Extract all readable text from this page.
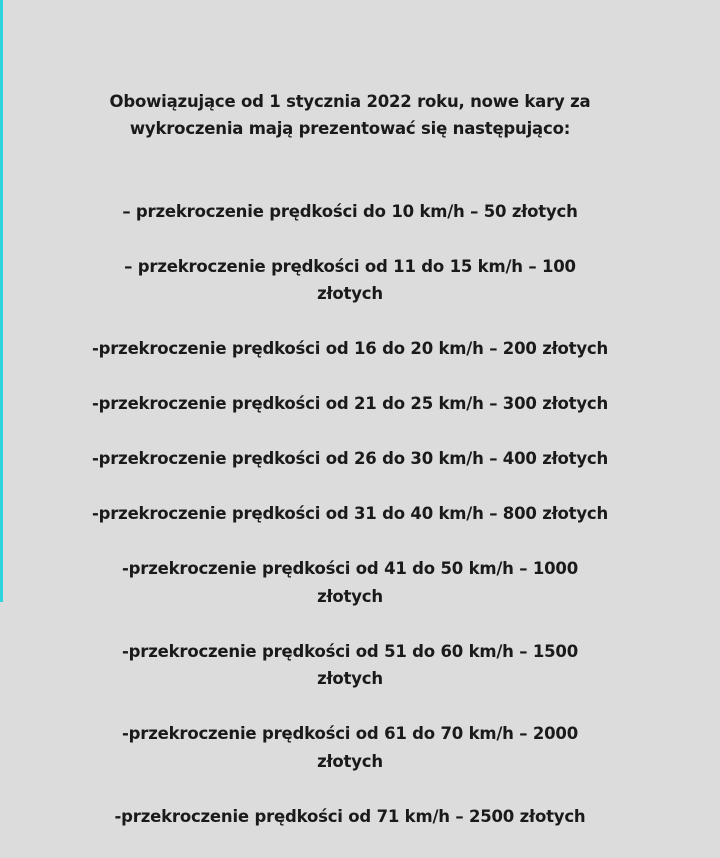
Obowiązujące od 1 stycznia 2022 roku, nowe kary za
wykroczenia mają prezentować się następująco:

– przekroczenie prędkości do 10 km/h – 50 złotych

– przekroczenie prędkości od 11 do 15 km/h – 100
złotych

-przekroczenie prędkości od 16 do 20 km/h – 200 złotych

-przekroczenie prędkości od 21 do 25 km/h – 300 złotych

-przekroczenie prędkości od 26 do 30 km/h – 400 złotych

-przekroczenie prędkości od 31 do 40 km/h – 800 złotych

-przekroczenie prędkości od 41 do 50 km/h – 1000
złotych

-przekroczenie prędkości od 51 do 60 km/h – 1500
złotych

-przekroczenie prędkości od 61 do 70 km/h – 2000
złotych

-przekroczenie prędkości od 71 km/h – 2500 złotych
